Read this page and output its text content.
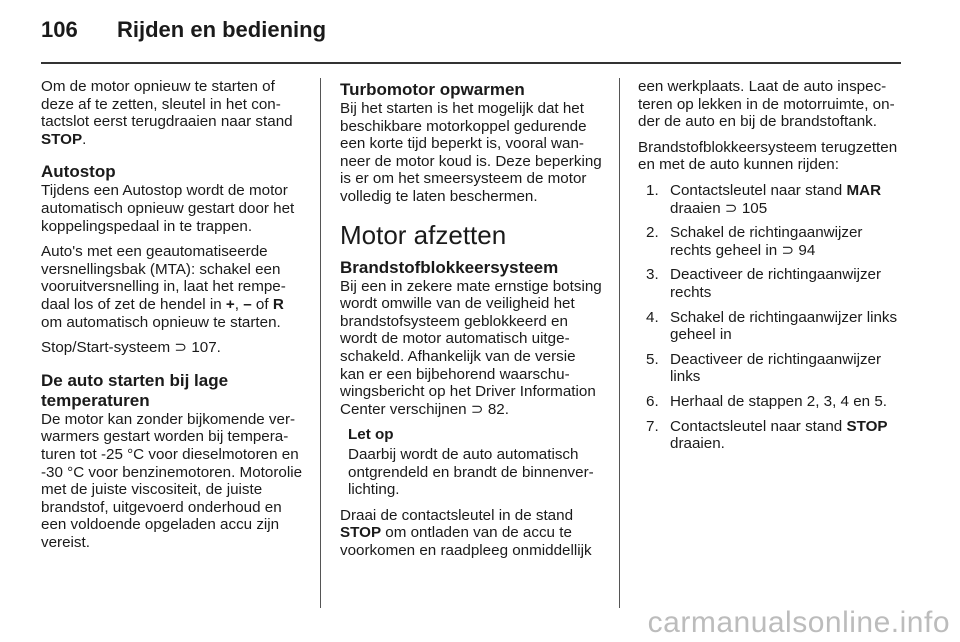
106 Rijden en bediening

Om de motor opnieuw te starten of deze af te zetten, sleutel in het contactslot eerst terugdraaien naar stand STOP.

Autostop

Tijdens een Autostop wordt de motor automatisch opnieuw gestart door het koppelingspedaal in te trappen.

Auto's met een geautomatiseerde versnellingsbak (MTA): schakel een vooruitversnelling in, laat het rempedaal los of zet de hendel in +, – of R om automatisch opnieuw te starten.

Stop/Start-systeem ⊃ 107.

De auto starten bij lage temperaturen

De motor kan zonder bijkomende verwarmers gestart worden bij temperaturen tot -25 °C voor dieselmotoren en -30 °C voor benzinemotoren. Motorolie met de juiste viscositeit, de juiste brandstof, uitgevoerd onderhoud en een voldoende opgeladen accu zijn vereist.

Turbomotor opwarmen

Bij het starten is het mogelijk dat het beschikbare motorkoppel gedurende een korte tijd beperkt is, vooral wanneer de motor koud is. Deze beperking is er om het smeersysteem de motor volledig te laten beschermen.

Motor afzetten
Brandstofblokkeersysteem

Bij een in zekere mate ernstige botsing wordt omwille van de veiligheid het brandstofsysteem geblokkeerd en wordt de motor automatisch uitgeschakeld. Afhankelijk van de versie kan er een bijbehorend waarschuwingsbericht op het Driver Information Center verschijnen ⊃ 82.

Let op
Daarbij wordt de auto automatisch ontgrendeld en brandt de binnenverlichting.

Draai de contactsleutel in de stand STOP om ontladen van de accu te voorkomen en raadpleeg onmiddellijk

een werkplaats. Laat de auto inspecteren op lekken in de motorruimte, onder de auto en bij de brandstoftank.

Brandstofblokkeersysteem terugzetten en met de auto kunnen rijden:

1. Contactsleutel naar stand MAR draaien ⊃ 105
2. Schakel de richtingaanwijzer rechts geheel in ⊃ 94
3. Deactiveer de richtingaanwijzer rechts
4. Schakel de richtingaanwijzer links geheel in
5. Deactiveer de richtingaanwijzer links
6. Herhaal de stappen 2, 3, 4 en 5.
7. Contactsleutel naar stand STOP draaien.
carmanualsonline.info
